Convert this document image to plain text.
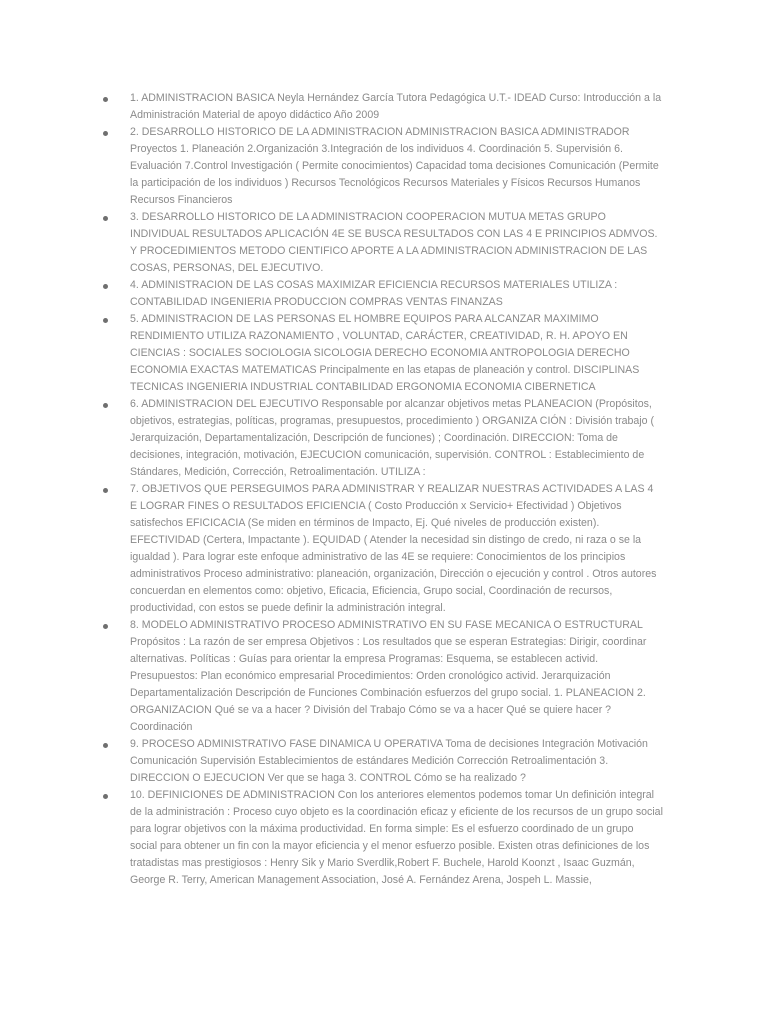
1. ADMINISTRACION BASICA Neyla Hernández García Tutora Pedagógica U.T.- IDEAD Curso: Introducción a la Administración Material de apoyo didáctico Año 2009
2. DESARROLLO HISTORICO DE LA ADMINISTRACION ADMINISTRACION BASICA ADMINISTRADOR Proyectos 1. Planeación 2.Organización 3.Integración de los individuos 4. Coordinación 5. Supervisión 6. Evaluación 7.Control Investigación ( Permite conocimientos) Capacidad toma decisiones Comunicación (Permite la participación de los individuos ) Recursos Tecnológicos Recursos Materiales y Físicos Recursos Humanos Recursos Financieros
3. DESARROLLO HISTORICO DE LA ADMINISTRACION COOPERACION MUTUA METAS GRUPO INDIVIDUAL RESULTADOS APLICACIÓN 4E SE BUSCA RESULTADOS CON LAS 4 E PRINCIPIOS ADMVOS. Y PROCEDIMIENTOS METODO CIENTIFICO APORTE A LA ADMINISTRACION ADMINISTRACION DE LAS COSAS, PERSONAS, DEL EJECUTIVO.
4. ADMINISTRACION DE LAS COSAS MAXIMIZAR EFICIENCIA RECURSOS MATERIALES UTILIZA : CONTABILIDAD INGENIERIA PRODUCCION COMPRAS VENTAS FINANZAS
5. ADMINISTRACION DE LAS PERSONAS EL HOMBRE EQUIPOS PARA ALCANZAR MAXIMIMO RENDIMIENTO UTILIZA RAZONAMIENTO , VOLUNTAD, CARÁCTER, CREATIVIDAD, R. H. APOYO EN CIENCIAS : SOCIALES SOCIOLOGIA SICOLOGIA DERECHO ECONOMIA ANTROPOLOGIA DERECHO ECONOMIA EXACTAS MATEMATICAS Principalmente en las etapas de planeación y control. DISCIPLINAS TECNICAS INGENIERIA INDUSTRIAL CONTABILIDAD ERGONOMIA ECONOMIA CIBERNETICA
6. ADMINISTRACION DEL EJECUTIVO Responsable por alcanzar objetivos metas PLANEACION (Propósitos, objetivos, estrategias, políticas, programas, presupuestos, procedimiento ) ORGANIZA CIÓN : División trabajo ( Jerarquización, Departamentalización, Descripción de funciones) ; Coordinación. DIRECCION: Toma de decisiones, integración, motivación, EJECUCION comunicación, supervisión. CONTROL : Establecimiento de Stándares, Medición, Corrección, Retroalimentación. UTILIZA :
7. OBJETIVOS QUE PERSEGUIMOS PARA ADMINISTRAR Y REALIZAR NUESTRAS ACTIVIDADES A LAS 4 E LOGRAR FINES O RESULTADOS EFICIENCIA ( Costo Producción x Servicio+ Efectividad ) Objetivos satisfechos EFICICACIA (Se miden en términos de Impacto, Ej. Qué niveles de producción existen). EFECTIVIDAD (Certera, Impactante ). EQUIDAD ( Atender la necesidad sin distingo de credo, ni raza o se la igualdad ). Para lograr este enfoque administrativo de las 4E se requiere: Conocimientos de los principios administrativos Proceso administrativo: planeación, organización, Dirección o ejecución y control . Otros autores concuerdan en elementos como: objetivo, Eficacia, Eficiencia, Grupo social, Coordinación de recursos, productividad, con estos se puede definir la administración integral.
8. MODELO ADMINISTRATIVO PROCESO ADMINISTRATIVO EN SU FASE MECANICA O ESTRUCTURAL Propósitos : La razón de ser empresa Objetivos : Los resultados que se esperan Estrategias: Dirigir, coordinar alternativas. Políticas : Guías para orientar la empresa Programas: Esquema, se establecen activid. Presupuestos: Plan económico empresarial Procedimientos: Orden cronológico activid. Jerarquización Departamentalización Descripción de Funciones Combinación esfuerzos del grupo social. 1. PLANEACION 2. ORGANIZACION Qué se va a hacer ? División del Trabajo Cómo se va a hacer Qué se quiere hacer ? Coordinación
9. PROCESO ADMINISTRATIVO FASE DINAMICA U OPERATIVA Toma de decisiones Integración Motivación Comunicación Supervisión Establecimientos de estándares Medición Corrección Retroalimentación 3. DIRECCION O EJECUCION Ver que se haga 3. CONTROL Cómo se ha realizado ?
10. DEFINICIONES DE ADMINISTRACION Con los anteriores elementos podemos tomar Un definición integral de la administración : Proceso cuyo objeto es la coordinación eficaz y eficiente de los recursos de un grupo social para lograr objetivos con la máxima productividad. En forma simple: Es el esfuerzo coordinado de un grupo social para obtener un fin con la mayor eficiencia y el menor esfuerzo posible. Existen otras definiciones de los tratadistas mas prestigiosos : Henry Sik y Mario Sverdlik,Robert F. Buchele, Harold Koonzt , Isaac Guzmán, George R. Terry, American Management Association, José A. Fernández Arena, Jospeh L. Massie,
